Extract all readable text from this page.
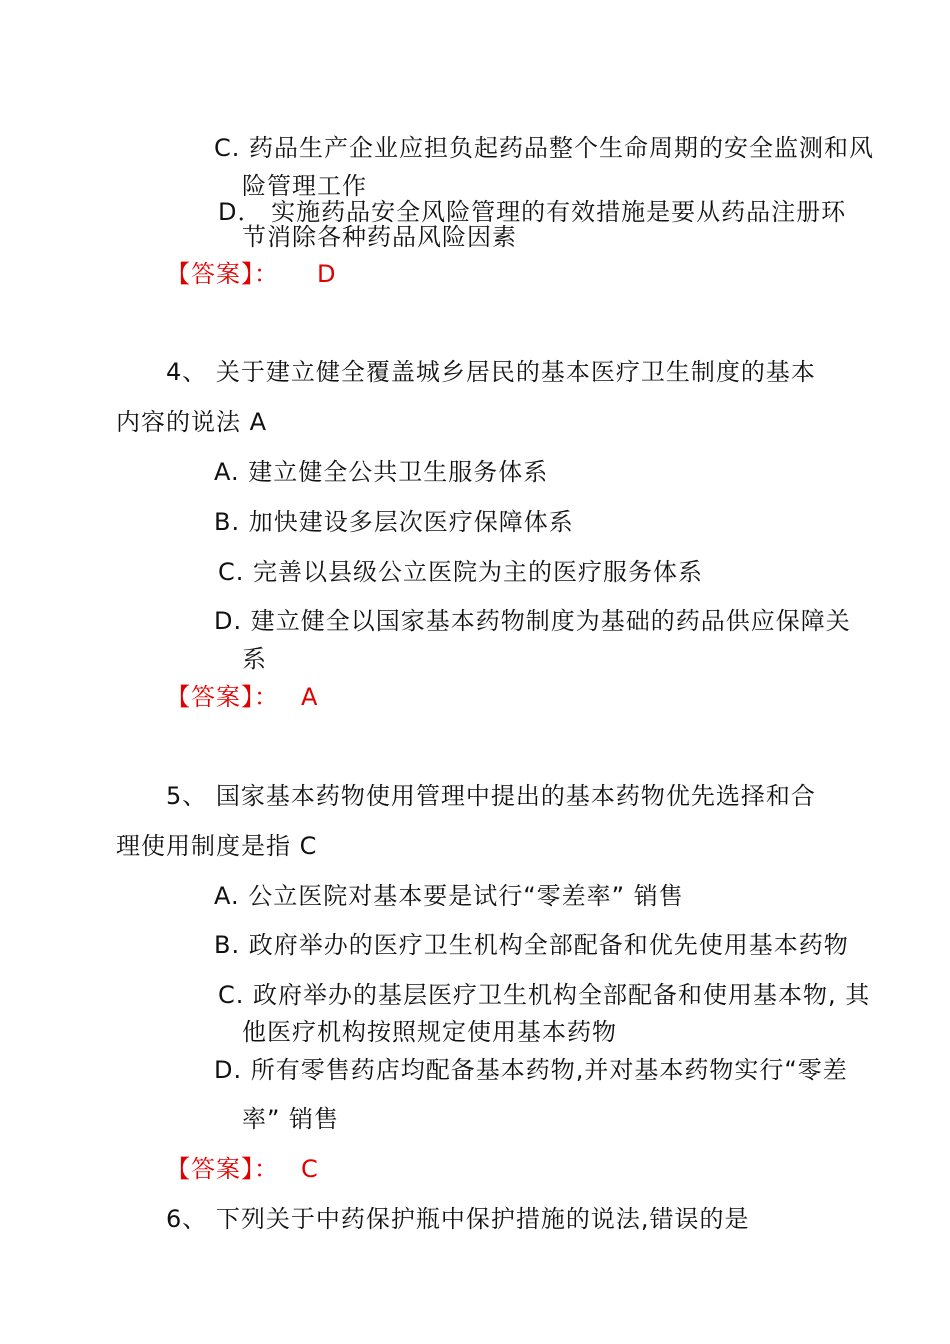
C. 药品生产企业应担负起药品整个生命周期的安全监测和风
险管理工作
D． 实施药品安全风险管理的有效措施是要从药品注册环
节消除各种药品风险因素
【答案】： D
4、 关于建立健全覆盖城乡居民的基本医疗卫生制度的基本
内容的说法 A
A. 建立健全公共卫生服务体系
B. 加快建设多层次医疗保障体系
C. 完善以县级公立医院为主的医疗服务体系
D. 建立健全以国家基本药物制度为基础的药品供应保障关
系
【答案】： A
5、 国家基本药物使用管理中提出的基本药物优先选择和合
理使用制度是指 C
A. 公立医院对基本要是试行“零差率” 销售
B. 政府举办的医疗卫生机构全部配备和优先使用基本药物
C. 政府举办的基层医疗卫生机构全部配备和使用基本物, 其
他医疗机构按照规定使用基本药物
D. 所有零售药店均配备基本药物,并对基本药物实行“零差
率” 销售
【答案】： C
6、 下列关于中药保护瓶中保护措施的说法,错误的是
